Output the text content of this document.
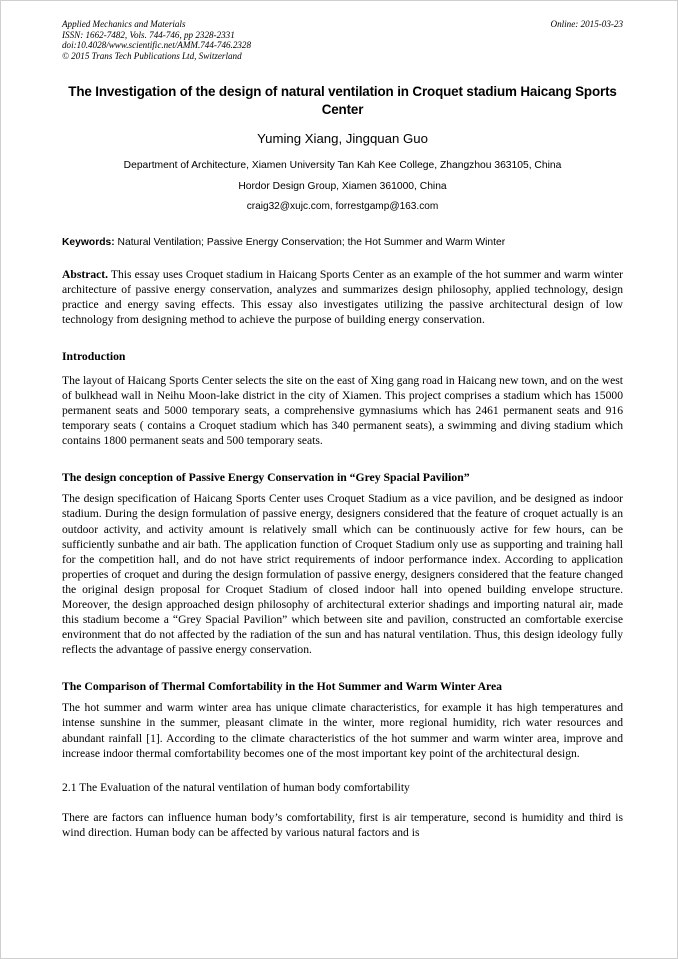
Applied Mechanics and Materials
ISSN: 1662-7482, Vols. 744-746, pp 2328-2331
doi:10.4028/www.scientific.net/AMM.744-746.2328
© 2015 Trans Tech Publications Ltd, Switzerland
Online: 2015-03-23
The Investigation of the design of natural ventilation in Croquet stadium Haicang Sports Center
Yuming Xiang, Jingquan Guo
Department of Architecture, Xiamen University Tan Kah Kee College, Zhangzhou 363105, China
Hordor Design Group, Xiamen 361000, China
craig32@xujc.com, forrestgamp@163.com
Keywords: Natural Ventilation; Passive Energy Conservation; the Hot Summer and Warm Winter
Abstract. This essay uses Croquet stadium in Haicang Sports Center as an example of the hot summer and warm winter architecture of passive energy conservation, analyzes and summarizes design philosophy, applied technology, design practice and energy saving effects. This essay also investigates utilizing the passive architectural design of low technology from designing method to achieve the purpose of building energy conservation.
Introduction

The layout of Haicang Sports Center selects the site on the east of Xing gang road in Haicang new town, and on the west of bulkhead wall in Neihu Moon-lake district in the city of Xiamen. This project comprises a stadium which has 15000 permanent seats and 5000 temporary seats, a comprehensive gymnasiums which has 2461 permanent seats and 916 temporary seats ( contains a Croquet stadium which has 340 permanent seats), a swimming and diving stadium which contains 1800 permanent seats and 500 temporary seats.

The design conception of Passive Energy Conservation in “Grey Spacial Pavilion”

The design specification of Haicang Sports Center uses Croquet Stadium as a vice pavilion, and be designed as indoor stadium. During the design formulation of passive energy, designers considered that the feature of croquet actually is an outdoor activity, and activity amount is relatively small which can be continuously active for few hours, can be sufficiently sunbathe and air bath. The application function of Croquet Stadium only use as supporting and training hall for the competition hall, and do not have strict requirements of indoor performance index. According to application properties of croquet and during the design formulation of passive energy, designers considered that the feature changed the original design proposal for Croquet Stadium of closed indoor hall into opened building envelope structure. Moreover, the design approached design philosophy of architectural exterior shadings and importing natural air, made this stadium become a “Grey Spacial Pavilion” which between site and pavilion, constructed an comfortable exercise environment that do not affected by the radiation of the sun and has natural ventilation. Thus, this design ideology fully reflects the advantage of passive energy conservation.

The Comparison of Thermal Comfortability in the Hot Summer and Warm Winter Area

The hot summer and warm winter area has unique climate characteristics, for example it has high temperatures and intense sunshine in the summer, pleasant climate in the winter, more regional humidity, rich water resources and abundant rainfall [1]. According to the climate characteristics of the hot summer and warm winter area, improve and increase indoor thermal comfortability becomes one of the most important key point of the architectural design.

2.1 The Evaluation of the natural ventilation of human body comfortability

There are factors can influence human body’s comfortability, first is air temperature, second is humidity and third is wind direction. Human body can be affected by various natural factors and is
